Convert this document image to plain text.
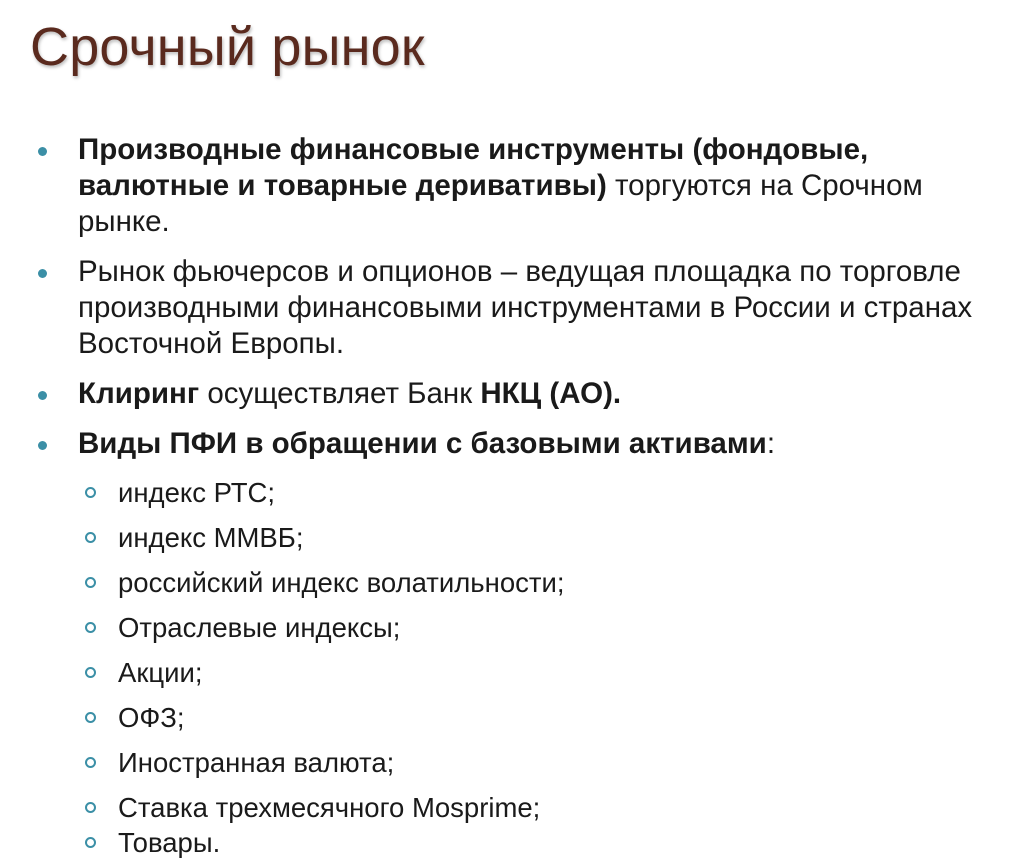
Срочный рынок
Производные финансовые инструменты (фондовые, валютные и товарные деривативы) торгуются на Срочном рынке.
Рынок фьючерсов и опционов – ведущая площадка по торговле производными финансовыми инструментами в России и странах Восточной Европы.
Клиринг осуществляет Банк НКЦ (АО).
Виды ПФИ в обращении с базовыми активами:
индекс РТС;
индекс ММВБ;
российский индекс волатильности;
Отраслевые индексы;
Акции;
ОФЗ;
Иностранная валюта;
Ставка трехмесячного Mosprime;
Товары.
